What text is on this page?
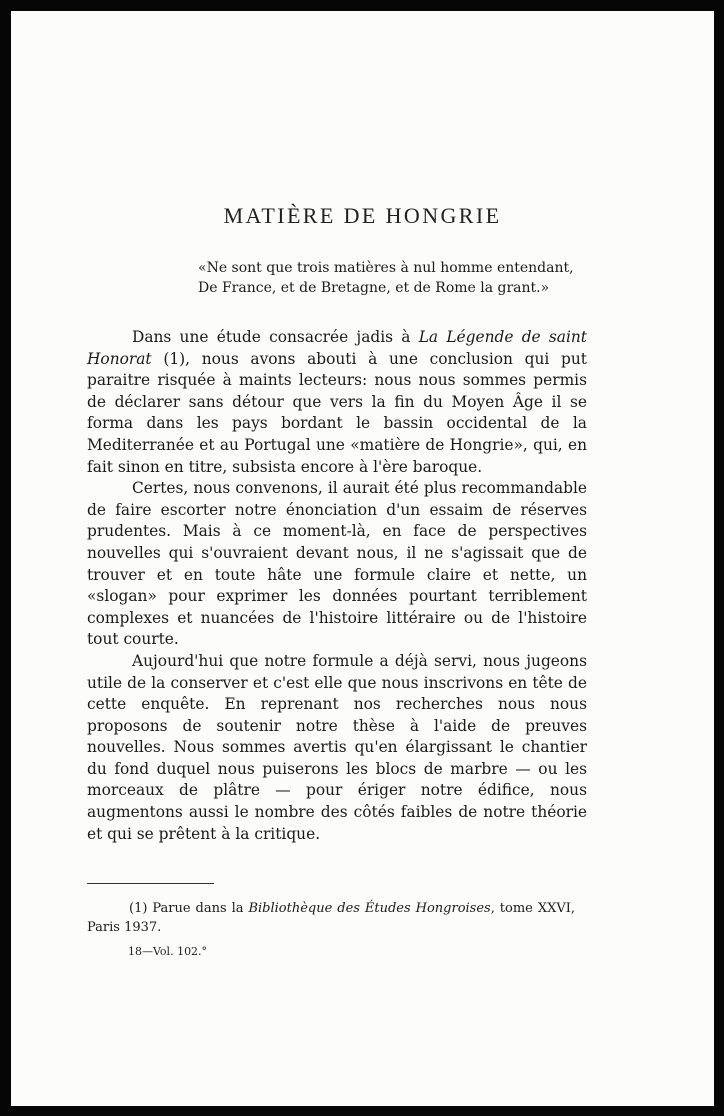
MATIÈRE DE HONGRIE
«Ne sont que trois matières à nul homme entendant,
De France, et de Bretagne, et de Rome la grant.»

Dans une étude consacrée jadis à La Légende de saint Honorat (1), nous avons abouti à une conclusion qui put paraitre risquée à maints lecteurs: nous nous sommes permis de déclarer sans détour que vers la fin du Moyen Âge il se forma dans les pays bordant le bassin occidental de la Mediterranée et au Portugal une «matière de Hongrie», qui, en fait sinon en titre, subsista encore à l'ère baroque.

Certes, nous convenons, il aurait été plus recommandable de faire escorter notre énonciation d'un essaim de réserves prudentes. Mais à ce moment-là, en face de perspectives nouvelles qui s'ouvraient devant nous, il ne s'agissait que de trouver et en toute hâte une formule claire et nette, un «slogan» pour exprimer les données pourtant terriblement complexes et nuancées de l'histoire littéraire ou de l'histoire tout courte.

Aujourd'hui que notre formule a déjà servi, nous jugeons utile de la conserver et c'est elle que nous inscrivons en tête de cette enquête. En reprenant nos recherches nous nous proposons de soutenir notre thèse à l'aide de preuves nouvelles. Nous sommes avertis qu'en élargissant le chantier du fond duquel nous puiserons les blocs de marbre — ou les morceaux de plâtre — pour ériger notre édifice, nous augmentons aussi le nombre des côtés faibles de notre théorie et qui se prêtent à la critique.

(1) Parue dans la Bibliothèque des Études Hongroises, tome XXVI, Paris 1937.
18—Vol. 102.°
